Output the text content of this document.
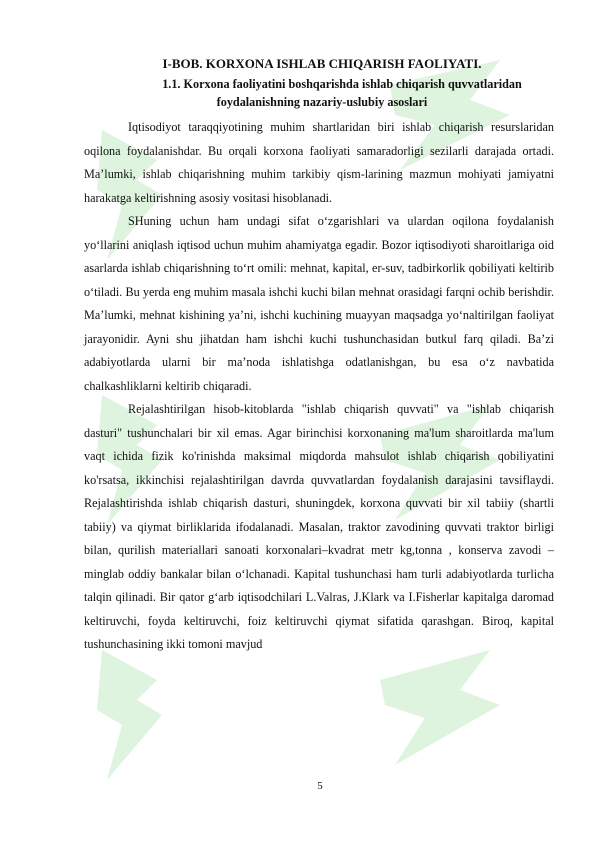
I-BOB. KORXONA ISHLAB CHIQARISH FAOLIYATI.
1.1. Korxona faoliyatini boshqarishda ishlab chiqarish quvvatlaridan
foydalanishning nazariy-uslubiy asoslari

Iqtisodiyot taraqqiyotining muhim shartlaridan biri ishlab chiqarish resurslaridan oqilona foydalanishdar. Bu orqali korxona faoliyati samaradorligi sezilarli darajada ortadi. Ma’lumki, ishlab chiqarishning muhim tarkibiy qism-larining mazmun mohiyati jamiyatni harakatga keltirishning asosiy vositasi hisoblanadi.

SHuning uchun ham undagi sifat o‘zgarishlari va ulardan oqilona foydalanish yo‘llarini aniqlash iqtisod uchun muhim ahamiyatga egadir. Bozor iqtisodiyoti sharoitlariga oid asarlarda ishlab chiqarishning to‘rt omili: mehnat, kapital, er-suv, tadbirkorlik qobiliyati keltirib o‘tiladi. Bu yerda eng muhim masala ishchi kuchi bilan mehnat orasidagi farqni ochib berishdir. Ma’lumki, mehnat kishining ya’ni, ishchi kuchining muayyan maqsadga yo‘naltirilgan faoliyat jarayonidir. Ayni shu jihatdan ham ishchi kuchi tushunchasidan butkul farq qiladi. Ba’zi adabiyotlarda ularni bir ma’noda ishlatishga odatlanishgan, bu esa o‘z navbatida chalkashliklarni keltirib chiqaradi.

Rejalashtirilgan hisob-kitoblarda "ishlab chiqarish quvvati" va "ishlab chiqarish dasturi" tushunchalari bir xil emas. Agar birinchisi korxonaning ma'lum sharoitlarda ma'lum vaqt ichida fizik ko'rinishda maksimal miqdorda mahsulot ishlab chiqarish qobiliyatini ko'rsatsa, ikkinchisi rejalashtirilgan davrda quvvatlardan foydalanish darajasini tavsiflaydi. Rejalashtirishda ishlab chiqarish dasturi, shuningdek, korxona quvvati bir xil tabiiy (shartli tabiiy) va qiymat birliklarida ifodalanadi. Masalan, traktor zavodining quvvati traktor birligi bilan, qurilish materiallari sanoati korxonalari–kvadrat metr kg,tonna , konserva zavodi – minglab oddiy bankalar bilan o‘lchanadi. Kapital tushunchasi ham turli adabiyotlarda turlicha talqin qilinadi. Bir qator g‘arb iqtisodchilari L.Valras, J.Klark va I.Fisherlar kapitalga daromad keltiruvchi, foyda keltiruvchi, foiz keltiruvchi qiymat sifatida qarashgan. Biroq, kapital tushunchasining ikki tomoni mavjud

5
